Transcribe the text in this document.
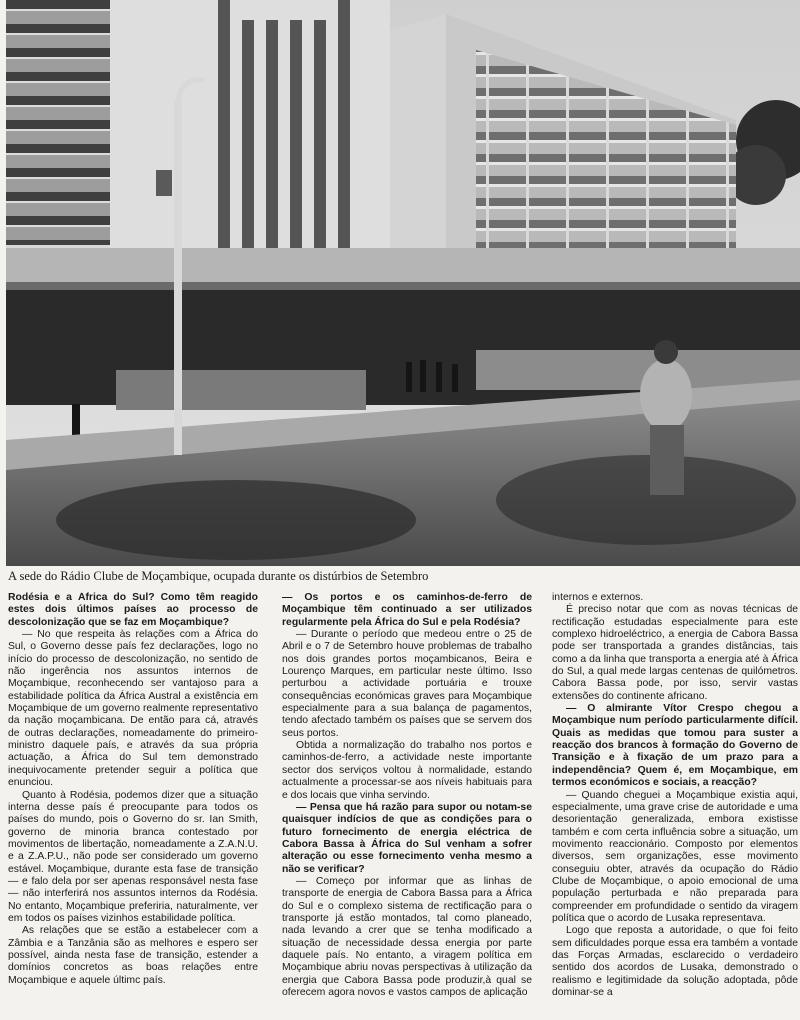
A sede do Rádio Clube de Moçambique, ocupada durante os distúrbios de Setembro

Rodésia e a África do Sul? Como têm reagido estes dois últimos países ao processo de descolonização que se faz em Moçambique?

— No que respeita às relações com a África do Sul, o Governo desse país fez declarações, logo no início do processo de descolonização, no sentido de não ingerência nos assuntos internos de Moçambique, reconhecendo ser vantajoso para a estabilidade política da África Austral a existência em Moçambique de um governo realmente representativo da nação moçambicana. De então para cá, através de outras declarações, nomeadamente do primeiro-ministro daquele país, e através da sua própria actuação, a África do Sul tem demonstrado inequivocamente pretender seguir a política que enunciou.

Quanto à Rodésia, podemos dizer que a situação interna desse país é preocupante para todos os países do mundo, pois o Governo do sr. Ian Smith, governo de minoria branca contestado por movimentos de libertação, nomeadamente a Z.A.N.U. e a Z.A.P.U., não pode ser considerado um governo estável. Moçambique, durante esta fase de transição — e falo dela por ser apenas responsável nesta fase — não interferirá nos assuntos internos da Rodésia. No entanto, Moçambique preferiria, naturalmente, ver em todos os países vizinhos estabilidade política.

As relações que se estão a estabelecer com a Zâmbia e a Tanzânia são as melhores e espero ser possível, ainda nesta fase de transição, estender a domínios concretos as boas relações entre Moçambique e aquele últimc país.

— Os portos e os caminhos-de-ferro de Moçambique têm continuado a ser utilizados regularmente pela África do Sul e pela Rodésia?

— Durante o período que medeou entre o 25 de Abril e o 7 de Setembro houve problemas de trabalho nos dois grandes portos moçambicanos, Beira e Lourenço Marques, em particular neste último. Isso perturbou a actividade portuária e trouxe consequências económicas graves para Moçambique especialmente para a sua balança de pagamentos, tendo afectado também os países que se servem dos seus portos.

Obtida a normalização do trabalho nos portos e caminhos-de-ferro, a actividade neste importante sector dos serviços voltou à normalidade, estando actualmente a processar-se aos níveis habituais para e dos locais que vinha servindo.

— Pensa que há razão para supor ou notam-se quaisquer indícios de que as condições para o futuro fornecimento de energia eléctrica de Cabora Bassa à África do Sul venham a sofrer alteração ou esse fornecimento venha mesmo a não se verificar?

— Começo por informar que as linhas de transporte de energia de Cabora Bassa para a África do Sul e o complexo sistema de rectificação para o transporte já estão montados, tal como planeado, nada levando a crer que se tenha modificado a situação de necessidade dessa energia por parte daquele país. No entanto, a viragem política em Moçambique abriu novas perspectivas à utilização da energia que Cabora Bassa pode produzir,à qual se oferecem agora novos e vastos campos de aplicação

internos e externos.

É preciso notar que com as novas técnicas de rectificação estudadas especialmente para este complexo hidroeléctrico, a energia de Cabora Bassa pode ser transportada a grandes distâncias, tais como a da linha que transporta a energia até à África do Sul, a qual mede largas centenas de quilómetros. Cabora Bassa pode, por isso, servir vastas extensões do continente africano.

— O almirante Vítor Crespo chegou a Moçambique num período particularmente difícil. Quais as medidas que tomou para suster a reacção dos brancos à formação do Governo de Transição e à fixação de um prazo para a independência? Quem é, em Moçambique, em termos económicos e sociais, a reacção?

— Quando cheguei a Moçambique existia aqui, especialmente, uma grave crise de autoridade e uma desorientação generalizada, embora existisse também e com certa influência sobre a situação, um movimento reaccionário. Composto por elementos diversos, sem organizações, esse movimento conseguiu obter, através da ocupação do Rádio Clube de Moçambique, o apoio emocional de uma população perturbada e não preparada para compreender em profundidade o sentido da viragem política que o acordo de Lusaka representava.

Logo que reposta a autoridade, o que foi feito sem dificuldades porque essa era também a vontade das Forças Armadas, esclarecido o verdadeiro sentido dos acordos de Lusaka, demonstrado o realismo e legitimidade da solução adoptada, pôde dominar-se a
